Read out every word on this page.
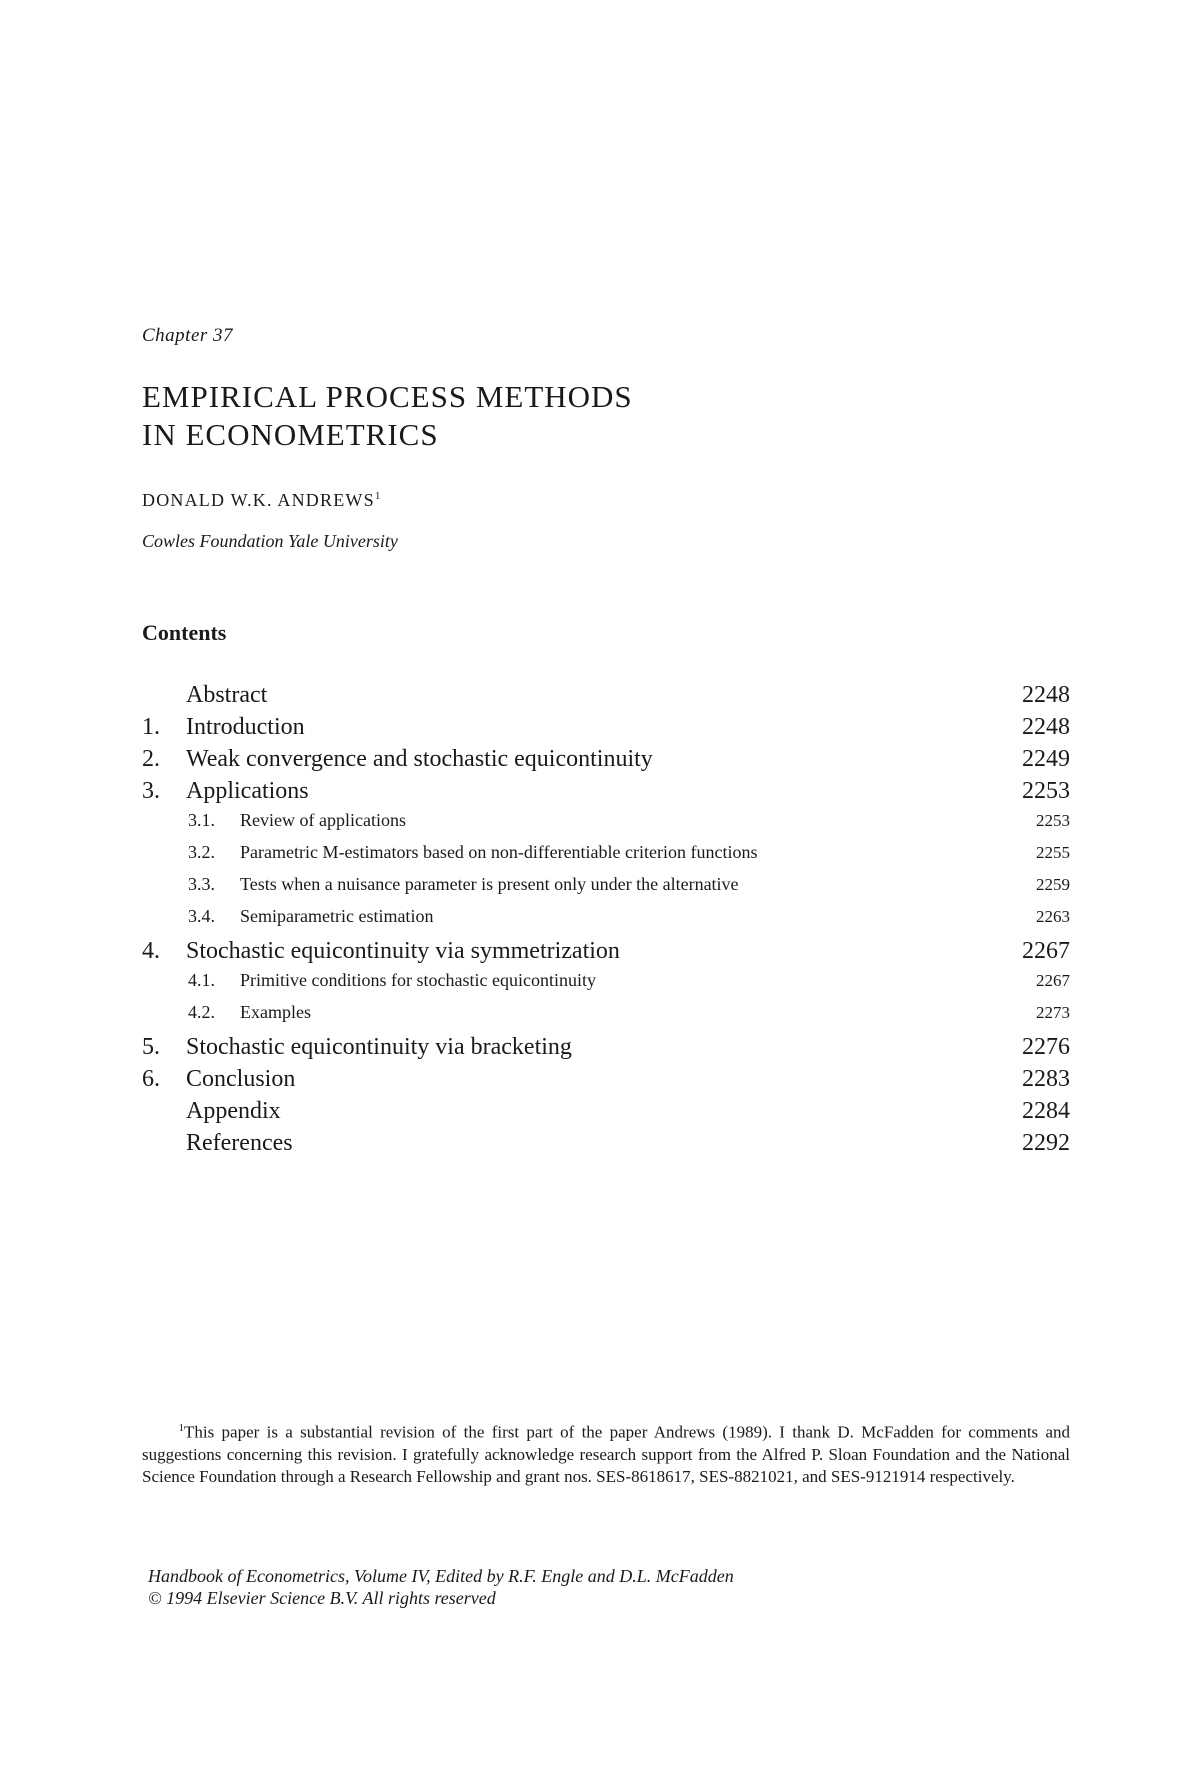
Chapter 37
EMPIRICAL PROCESS METHODS
IN ECONOMETRICS
DONALD W.K. ANDREWS$^1$
Cowles Foundation Yale University
Contents
Abstract	2248
1.	Introduction	2248
2.	Weak convergence and stochastic equicontinuity	2249
3.	Applications	2253
3.1.	Review of applications	2253
3.2.	Parametric M-estimators based on non-differentiable criterion functions	2255
3.3.	Tests when a nuisance parameter is present only under the alternative	2259
3.4.	Semiparametric estimation	2263
4.	Stochastic equicontinuity via symmetrization	2267
4.1.	Primitive conditions for stochastic equicontinuity	2267
4.2.	Examples	2273
5.	Stochastic equicontinuity via bracketing	2276
6.	Conclusion	2283
Appendix	2284
References	2292
$^1$This paper is a substantial revision of the first part of the paper Andrews (1989). I thank D. McFadden for comments and suggestions concerning this revision. I gratefully acknowledge research support from the Alfred P. Sloan Foundation and the National Science Foundation through a Research Fellowship and grant nos. SES-8618617, SES-8821021, and SES-9121914 respectively.
Handbook of Econometrics, Volume IV, Edited by R.F. Engle and D.L. McFadden
© 1994 Elsevier Science B.V. All rights reserved
